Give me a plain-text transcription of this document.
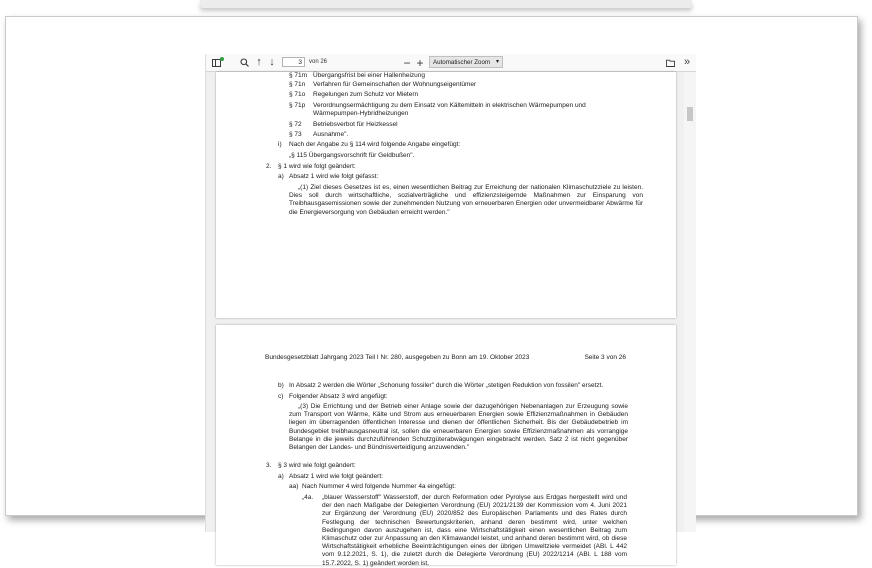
↑ ↓
3	von 26	− +	Automatischer Zoom ▾	»
§ 71m Übergangsfrist bei einer Hallenheizung
§ 71n Verfahren für Gemeinschaften der Wohnungseigentümer
§ 71o Regelungen zum Schutz vor Mietern
§ 71p Verordnungsermächtigung zu dem Einsatz von Kältemitteln in elektrischen Wärmepumpen und
Wärmepumpen-Hybridheizungen
§ 72 Betriebsverbot für Heizkessel
§ 73 Ausnahme".
i) Nach der Angabe zu § 114 wird folgende Angabe eingefügt:
„§ 115 Übergangsvorschrift für Geldbußen".
2. § 1 wird wie folgt geändert:
a) Absatz 1 wird wie folgt gefasst:
„(1) Ziel dieses Gesetzes ist es, einen wesentlichen Beitrag zur Erreichung der nationalen Klimaschutzziele zu leisten. Dies soll durch wirtschaftliche, sozialverträgliche und effizienzsteigernde Maßnahmen zur Einsparung von Treibhausgasemissionen sowie der zunehmenden Nutzung von erneuerbaren Energien oder unvermeidbarer Abwärme für die Energieversorgung von Gebäuden erreicht werden."
Bundesgesetzblatt Jahrgang 2023 Teil I Nr. 280, ausgegeben zu Bonn am 19. Oktober 2023	Seite 3 von 26
b) In Absatz 2 werden die Wörter „Schonung fossiler" durch die Wörter „stetigen Reduktion von fossilen" ersetzt.
c) Folgender Absatz 3 wird angefügt:
„(3) Die Errichtung und der Betrieb einer Anlage sowie der dazugehörigen Nebenanlagen zur Erzeugung sowie zum Transport von Wärme, Kälte und Strom aus erneuerbaren Energien sowie Effizienzmaßnahmen in Gebäuden liegen im überragenden öffentlichen Interesse und dienen der öffentlichen Sicherheit. Bis der Gebäudebetrieb im Bundesgebiet treibhausgasneutral ist, sollen die erneuerbaren Energien sowie Effizienzmaßnahmen als vorrangige Belange in die jeweils durchzuführenden Schutzgüterabwägungen eingebracht werden. Satz 2 ist nicht gegenüber Belangen der Landes- und Bündnisverteidigung anzuwenden."
3. § 3 wird wie folgt geändert:
a) Absatz 1 wird wie folgt geändert:
aa) Nach Nummer 4 wird folgende Nummer 4a eingefügt:
„4a. „blauer Wasserstoff" Wasserstoff, der durch Reformation oder Pyrolyse aus Erdgas hergestellt wird und der den nach Maßgabe der Delegierten Verordnung (EU) 2021/2139 der Kommission vom 4. Juni 2021 zur Ergänzung der Verordnung (EU) 2020/852 des Europäischen Parlaments und des Rates durch Festlegung der technischen Bewertungskriterien, anhand deren bestimmt wird, unter welchen Bedingungen davon auszugehen ist, dass eine Wirtschaftstätigkeit einen wesentlichen Beitrag zum Klimaschutz oder zur Anpassung an den Klimawandel leistet, und anhand deren bestimmt wird, ob diese Wirtschaftstätigkeit erhebliche Beeinträchtigungen eines der übrigen Umweltziele vermeidet (ABl. L 442 vom 9.12.2021, S. 1), die zuletzt durch die Delegierte Verordnung (EU) 2022/1214 (ABl. L 188 vom 15.7.2022, S. 1) geändert worden ist,
